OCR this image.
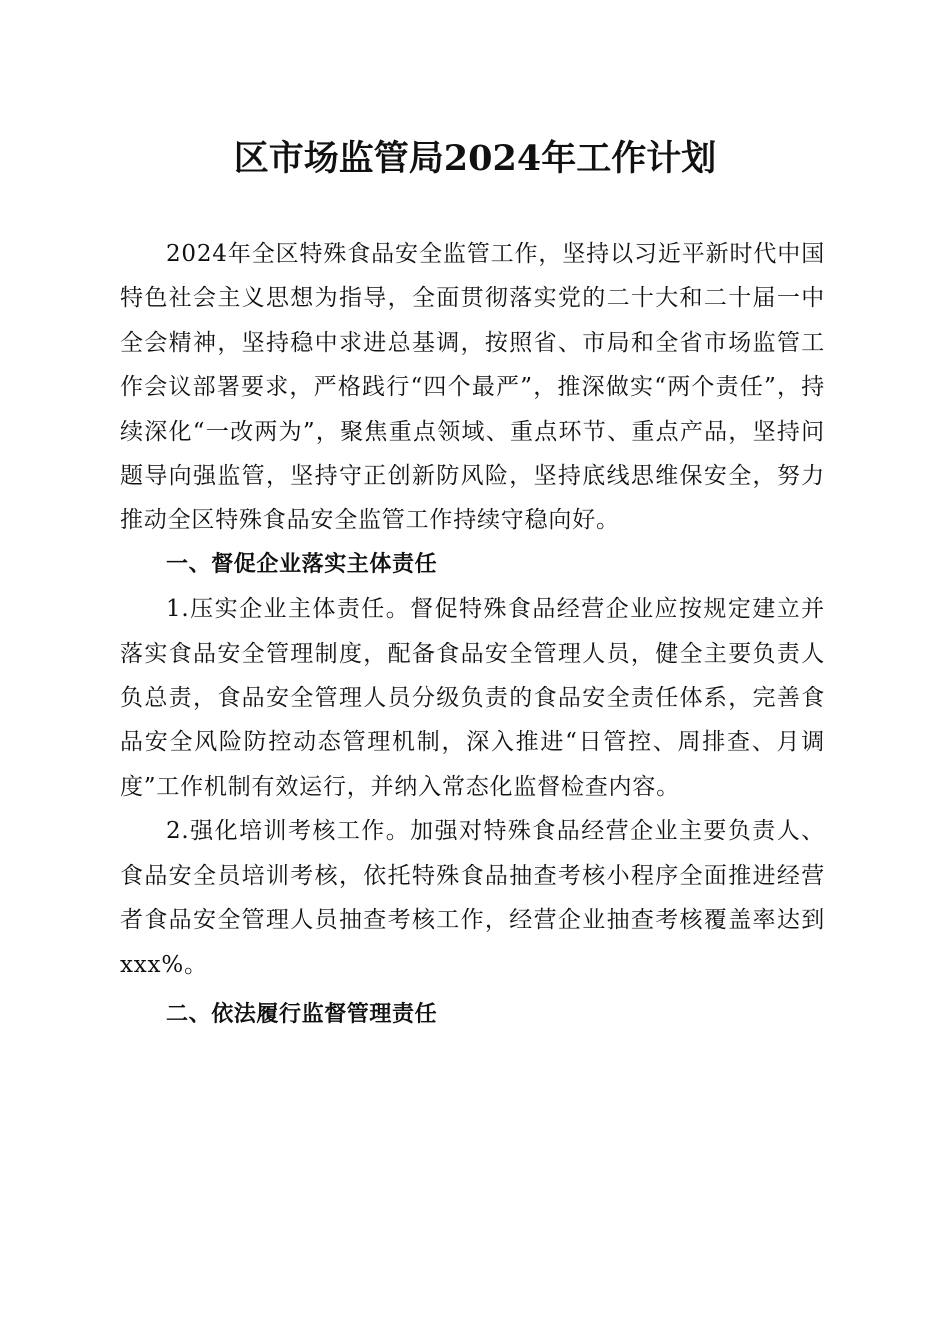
区市场监管局2024年工作计划

2024年全区特殊食品安全监管工作，坚持以习近平新时代中国特色社会主义思想为指导，全面贯彻落实党的二十大和二十届一中全会精神，坚持稳中求进总基调，按照省、市局和全省市场监管工作会议部署要求，严格践行“四个最严”，推深做实“两个责任”，持续深化“一改两为”，聚焦重点领域、重点环节、重点产品，坚持问题导向强监管，坚持守正创新防风险，坚持底线思维保安全，努力推动全区特殊食品安全监管工作持续守稳向好。

一、督促企业落实主体责任

1.压实企业主体责任。督促特殊食品经营企业应按规定建立并落实食品安全管理制度，配备食品安全管理人员，健全主要负责人负总责，食品安全管理人员分级负责的食品安全责任体系，完善食品安全风险防控动态管理机制，深入推进“日管控、周排查、月调度”工作机制有效运行，并纳入常态化监督检查内容。

2.强化培训考核工作。加强对特殊食品经营企业主要负责人、食品安全员培训考核，依托特殊食品抽查考核小程序全面推进经营者食品安全管理人员抽查考核工作，经营企业抽查考核覆盖率达到xxx%。

二、依法履行监督管理责任
